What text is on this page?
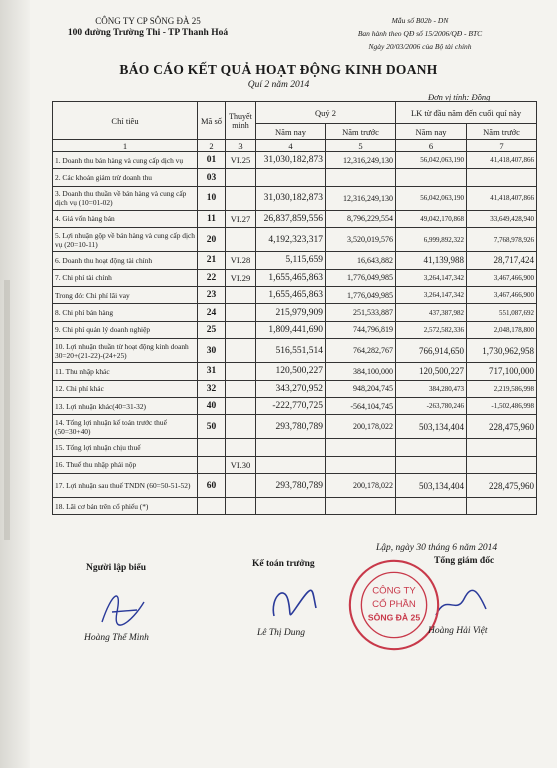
CÔNG TY CP SÔNG ĐÀ 25
100 đường Trường Thi - TP Thanh Hoá
Mẫu số B02b - DN
Ban hành theo QĐ số 15/2006/QĐ - BTC
Ngày 20/03/2006 của Bộ tài chính
BÁO CÁO KẾT QUẢ HOẠT ĐỘNG KINH DOANH
Quí 2 năm 2014
Đơn vị tính: Đồng
Chỉ tiêu	Mã số	Thuyết minh	Quý 2		LK từ đầu năm đến cuối quí này	
			Năm nay	Năm trước	Năm nay	Năm trước
1	2	3	4	5	6	7
1. Doanh thu bán hàng và cung cấp dịch vụ	01	VI.25	31,030,182,873	12,316,249,130	56,042,063,190	41,418,407,866
2. Các khoản giảm trừ doanh thu	03					
3. Doanh thu thuần về bán hàng và cung cấp dịch vụ (10=01-02)	10		31,030,182,873	12,316,249,130	56,042,063,190	41,418,407,866
4. Giá vốn hàng bán	11	VI.27	26,837,859,556	8,796,229,554	49,042,170,868	33,649,428,940
5. Lợi nhuận gộp về bán hàng và cung cấp dịch vụ (20=10-11)	20		4,192,323,317	3,520,019,576	6,999,892,322	7,768,978,926
6. Doanh thu hoạt động tài chính	21	VI.28	5,115,659	16,643,882	41,139,988	28,717,424
7. Chi phí tài chính	22	VI.29	1,655,465,863	1,776,049,985	3,264,147,342	3,467,466,900
Trong đó: Chi phí lãi vay	23		1,655,465,863	1,776,049,985	3,264,147,342	3,467,466,900
8. Chi phí bán hàng	24		215,979,909	251,533,887	437,387,982	551,087,692
9. Chi phí quản lý doanh nghiệp	25		1,809,441,690	744,796,819	2,572,582,336	2,048,178,800
10. Lợi nhuận thuần từ hoạt động kinh doanh 30=20+(21-22)-(24+25)	30		516,551,514	764,282,767	766,914,650	1,730,962,958
11. Thu nhập khác	31		120,500,227	384,100,000	120,500,227	717,100,000
12. Chi phí khác	32		343,270,952	948,204,745	384,280,473	2,219,586,998
13. Lợi nhuận khác(40=31-32)	40		-222,770,725	-564,104,745	-263,780,246	-1,502,486,998
14. Tổng lợi nhuận kế toán trước thuế (50=30+40)	50		293,780,789	200,178,022	503,134,404	228,475,960
15. Tổng lợi nhuận chịu thuế						
16. Thuế thu nhập phải nộp		VI.30				
17. Lợi nhuận sau thuế TNDN (60=50-51-52)	60		293,780,789	200,178,022	503,134,404	228,475,960
18. Lãi cơ bản trên cổ phiếu (*)						
Lập, ngày 30 tháng 6 năm 2014
Người lập biểu	Kế toán trưởng	Tổng giám đốc
CÔNG TY
CỔ PHẦN
SÔNG ĐÀ 25
Hoàng Thế Minh	Lê Thị Dung	Hoàng Hải Việt
